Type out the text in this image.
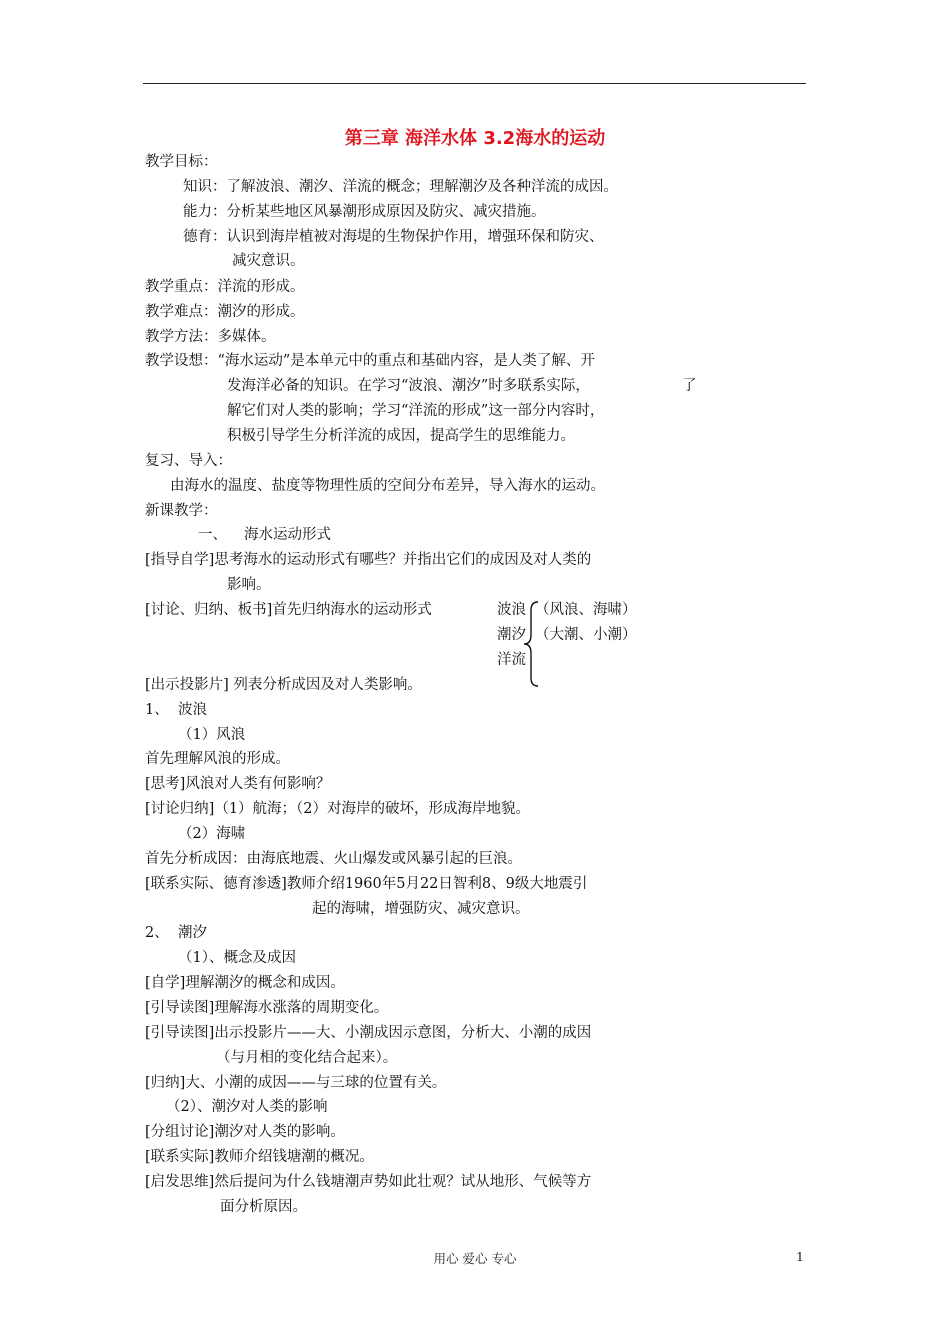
第三章 海洋水体 3.2海水的运动
教学目标：
知识：了解波浪、潮汐、洋流的概念；理解潮汐及各种洋流的成因。
能力：分析某些地区风暴潮形成原因及防灾、减灾措施。
德育：认识到海岸植被对海堤的生物保护作用，增强环保和防灾、
减灾意识。
教学重点：洋流的形成。
教学难点：潮汐的形成。
教学方法：多媒体。
教学设想：“海水运动”是本单元中的重点和基础内容，是人类了解、开
发海洋必备的知识。在学习“波浪、潮汐”时多联系实际，	了
解它们对人类的影响；学习“洋流的形成”这一部分内容时，
积极引导学生分析洋流的成因，提高学生的思维能力。
复习、导入：
由海水的温度、盐度等物理性质的空间分布差异，导入海水的运动。
新课教学：
一、 海水运动形式
[指导自学]思考海水的运动形式有哪些？并指出它们的成因及对人类的
影响。
[讨论、归纳、板书]首先归纳海水的运动形式	波浪 （风浪、海啸）
潮汐 （大潮、小潮）
洋流
[出示投影片] 列表分析成因及对人类影响。
1、 波浪
（1）风浪
首先理解风浪的形成。
[思考]风浪对人类有何影响？
[讨论归纳]（1）航海；（2）对海岸的破坏，形成海岸地貌。
（2）海啸
首先分析成因：由海底地震、火山爆发或风暴引起的巨浪。
[联系实际、德育渗透]教师介绍1960年5月22日智利8、9级大地震引
起的海啸，增强防灾、减灾意识。
2、 潮汐
（1）、概念及成因
[自学]理解潮汐的概念和成因。
[引导读图]理解海水涨落的周期变化。
[引导读图]出示投影片——大、小潮成因示意图，分析大、小潮的成因
（与月相的变化结合起来）。
[归纳]大、小潮的成因——与三球的位置有关。
（2）、潮汐对人类的影响
[分组讨论]潮汐对人类的影响。
[联系实际]教师介绍钱塘潮的概况。
[启发思维]然后提问为什么钱塘潮声势如此壮观？试从地形、气候等方
面分析原因。
用心 爱心 专心	1
